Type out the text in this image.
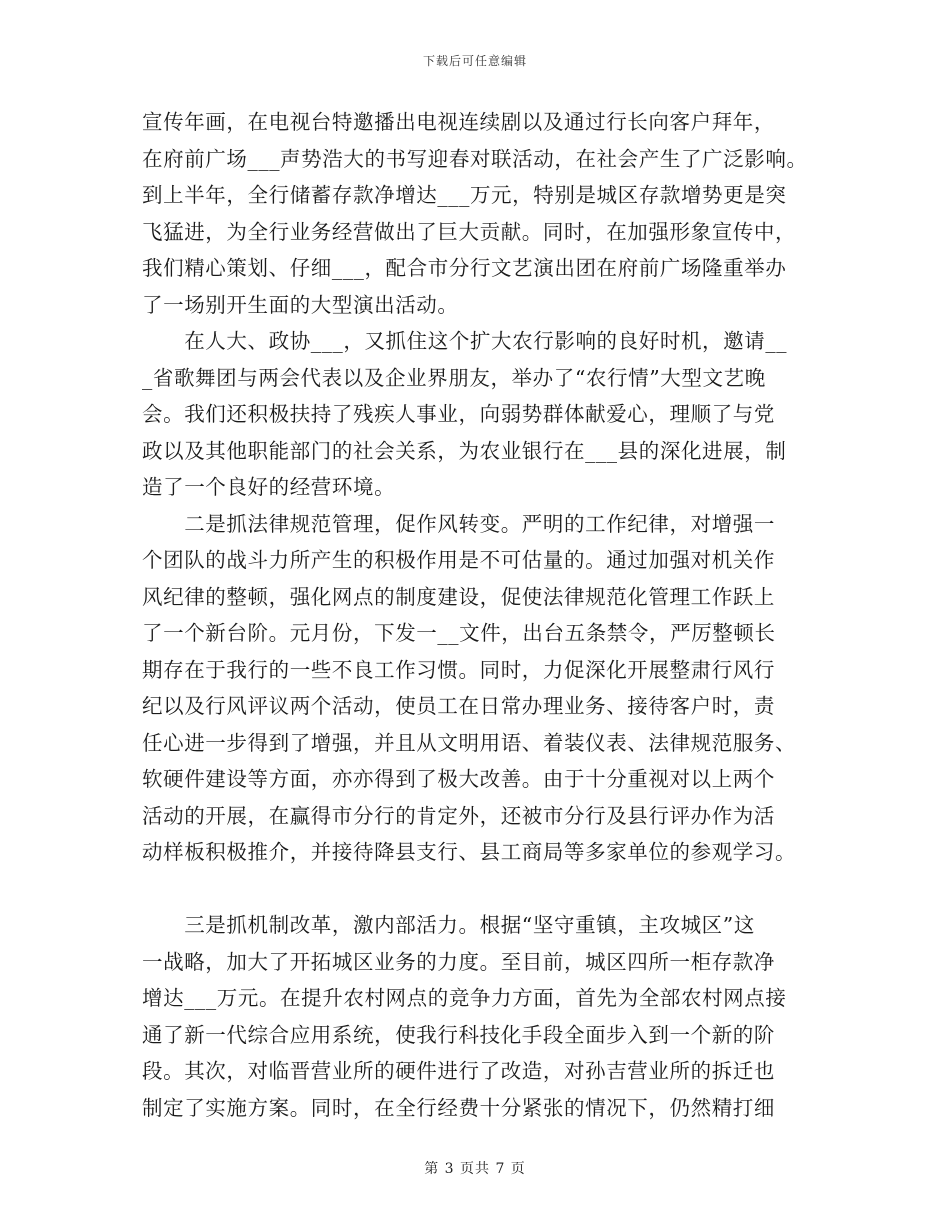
下载后可任意编辑
宣传年画，在电视台特邀播出电视连续剧以及通过行长向客户拜年，
在府前广场___声势浩大的书写迎春对联活动，在社会产生了广泛影响。
到上半年，全行储蓄存款净增达___万元，特别是城区存款增势更是突
飞猛进，为全行业务经营做出了巨大贡献。同时，在加强形象宣传中，
我们精心策划、仔细___，配合市分行文艺演出团在府前广场隆重举办
了一场别开生面的大型演出活动。
　　在人大、政协___，又抓住这个扩大农行影响的良好时机，邀请__
_省歌舞团与两会代表以及企业界朋友，举办了“农行情”大型文艺晚
会。我们还积极扶持了残疾人事业，向弱势群体献爱心，理顺了与党
政以及其他职能部门的社会关系，为农业银行在___县的深化进展，制
造了一个良好的经营环境。
　　二是抓法律规范管理，促作风转变。严明的工作纪律，对增强一
个团队的战斗力所产生的积极作用是不可估量的。通过加强对机关作
风纪律的整顿，强化网点的制度建设，促使法律规范化管理工作跃上
了一个新台阶。元月份，下发一__文件，出台五条禁令，严厉整顿长
期存在于我行的一些不良工作习惯。同时，力促深化开展整肃行风行
纪以及行风评议两个活动，使员工在日常办理业务、接待客户时，责
任心进一步得到了增强，并且从文明用语、着装仪表、法律规范服务、
软硬件建设等方面，亦亦得到了极大改善。由于十分重视对以上两个
活动的开展，在赢得市分行的肯定外，还被市分行及县行评办作为活
动样板积极推介，并接待降县支行、县工商局等多家单位的参观学习。
　　三是抓机制改革，激内部活力。根据“坚守重镇，主攻城区”这
一战略，加大了开拓城区业务的力度。至目前，城区四所一柜存款净
增达___万元。在提升农村网点的竞争力方面，首先为全部农村网点接
通了新一代综合应用系统，使我行科技化手段全面步入到一个新的阶
段。其次，对临晋营业所的硬件进行了改造，对孙吉营业所的拆迁也
制定了实施方案。同时，在全行经费十分紧张的情况下，仍然精打细
第 3 页共 7 页
